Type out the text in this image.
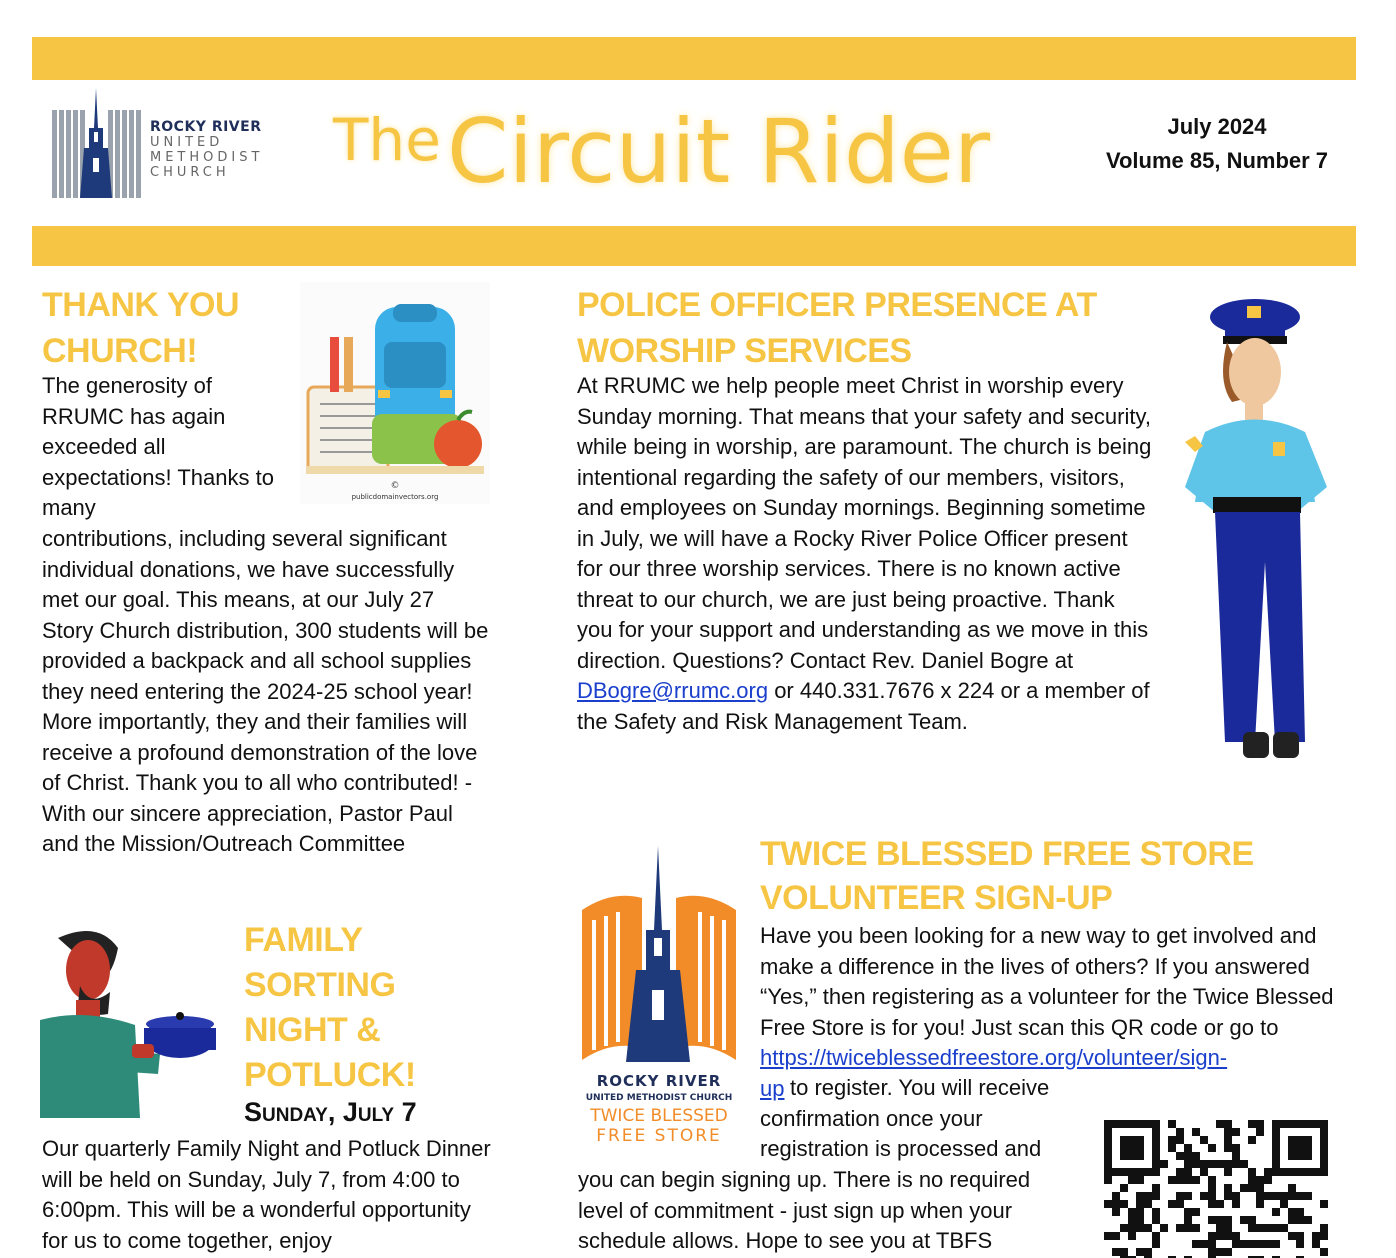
ROCKY RIVER
UNITED
METHODIST
CHURCH	The Circuit Rider	July 2024
Volume 85, Number 7
THANK YOU
CHURCH!
©
publicdomainvectors.org

The generosity of RRUMC has again exceeded all expectations! Thanks to many

contributions, including several significant individual donations, we have successfully met our goal. This means, at our July 27 Story Church distribution, 300 students will be provided a backpack and all school supplies they need entering the 2024-25 school year! More importantly, they and their families will receive a profound demonstration of the love of Christ. Thank you to all who contributed! - With our sincere appreciation, Pastor Paul and the Mission/Outreach Committee

POLICE OFFICER PRESENCE AT
WORSHIP SERVICES

At RRUMC we help people meet Christ in worship every Sunday morning. That means that your safety and security, while being in worship, are paramount. The church is being intentional regarding the safety of our members, visitors, and employees on Sunday mornings. Beginning sometime in July, we will have a Rocky River Police Officer present for our three worship services. There is no known active threat to our church, we are just being proactive. Thank you for your support and understanding as we move in this direction. Questions? Contact Rev. Daniel Bogre at DBogre@rrumc.org or 440.331.7676 x 224 or a member of the Safety and Risk Management Team.

FAMILY
SORTING
NIGHT &
POTLUCK!
Sunday, July 7

Our quarterly Family Night and Potluck Dinner will be held on Sunday, July 7, from 4:00 to 6:00pm. This will be a wonderful opportunity for us to come together, enjoy

ROCKY RIVER
UNITED METHODIST CHURCH
TWICE BLESSED
FREE STORE
TWICE BLESSED FREE STORE
VOLUNTEER SIGN-UP

Have you been looking for a new way to get involved and make a difference in the lives of others? If you answered “Yes,” then registering as a volunteer for the Twice Blessed Free Store is for you! Just scan this QR code or go to https://twiceblessedfreestore.org/volunteer/sign-
up to register. You will receive confirmation once your registration is processed and

you can begin signing up. There is no required level of commitment - just sign up when your schedule allows. Hope to see you at TBFS
